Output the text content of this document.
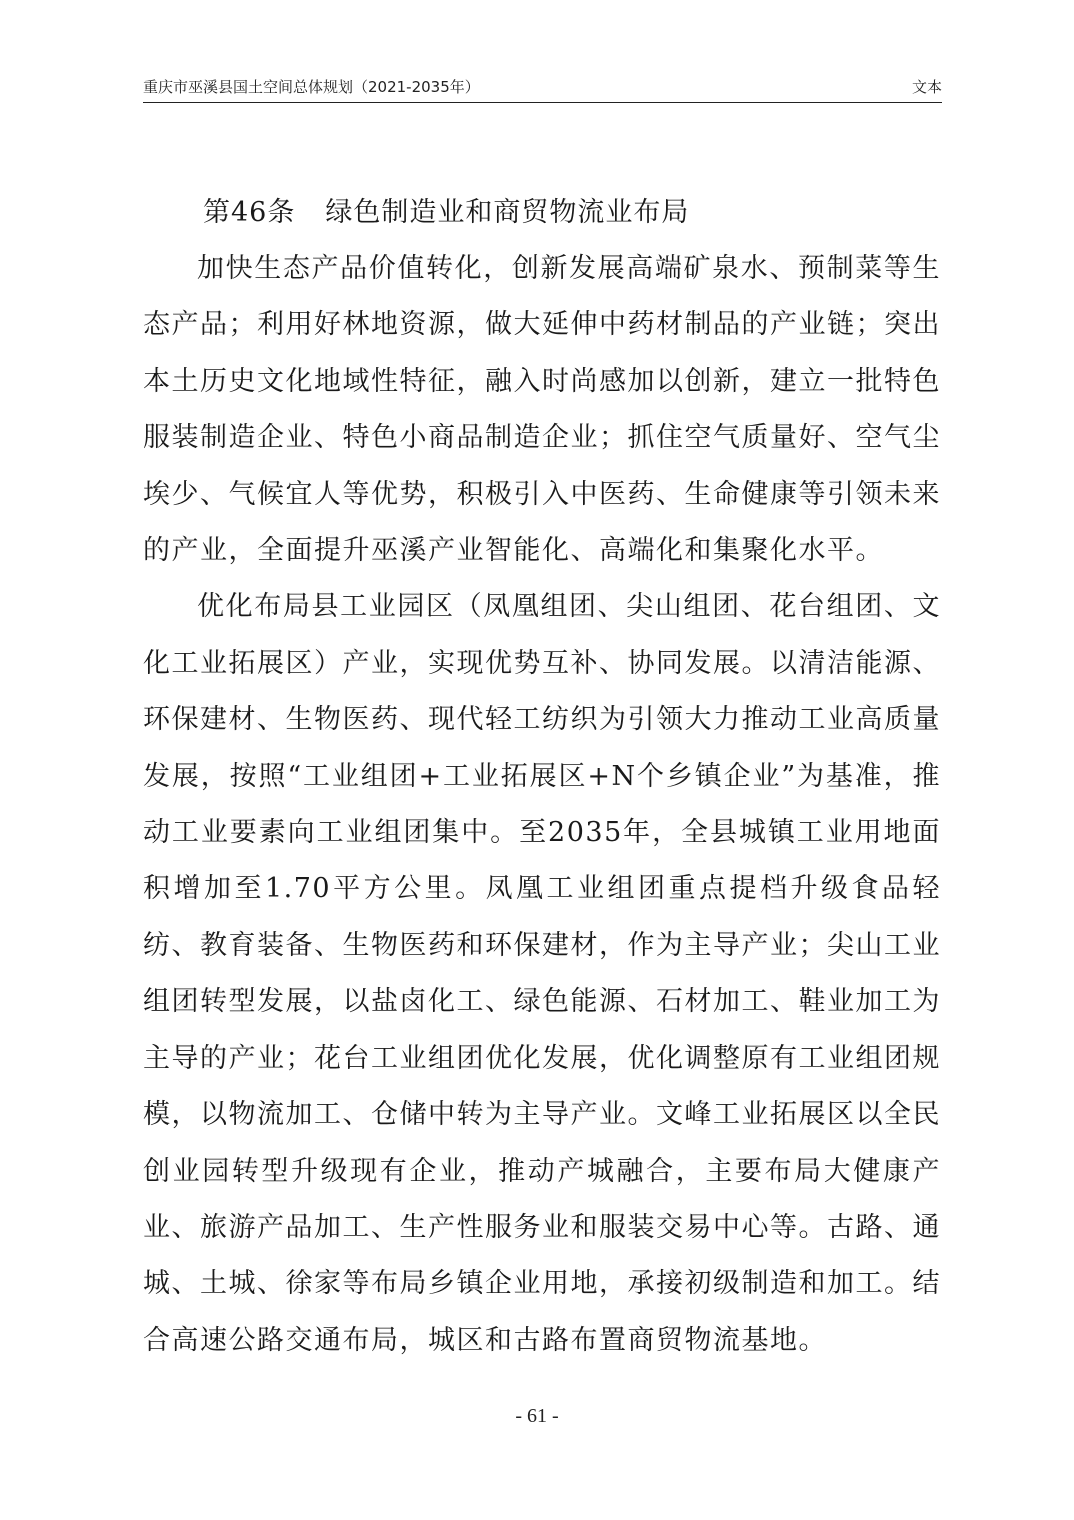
重庆市巫溪县国土空间总体规划（2021-2035年）	文本
第46条 绿色制造业和商贸物流业布局

加快生态产品价值转化，创新发展高端矿泉水、预制菜等生态产品；利用好林地资源，做大延伸中药材制品的产业链；突出本土历史文化地域性特征，融入时尚感加以创新，建立一批特色服装制造企业、特色小商品制造企业；抓住空气质量好、空气尘埃少、气候宜人等优势，积极引入中医药、生命健康等引领未来的产业，全面提升巫溪产业智能化、高端化和集聚化水平。

优化布局县工业园区（凤凰组团、尖山组团、花台组团、文化工业拓展区）产业，实现优势互补、协同发展。以清洁能源、环保建材、生物医药、现代轻工纺织为引领大力推动工业高质量发展，按照“工业组团+工业拓展区+N个乡镇企业”为基准，推动工业要素向工业组团集中。至2035年，全县城镇工业用地面积增加至1.70平方公里。凤凰工业组团重点提档升级食品轻纺、教育装备、生物医药和环保建材，作为主导产业；尖山工业组团转型发展，以盐卤化工、绿色能源、石材加工、鞋业加工为主导的产业；花台工业组团优化发展，优化调整原有工业组团规模，以物流加工、仓储中转为主导产业。文峰工业拓展区以全民创业园转型升级现有企业，推动产城融合，主要布局大健康产业、旅游产品加工、生产性服务业和服装交易中心等。古路、通城、土城、徐家等布局乡镇企业用地，承接初级制造和加工。结合高速公路交通布局，城区和古路布置商贸物流基地。

- 61 -
